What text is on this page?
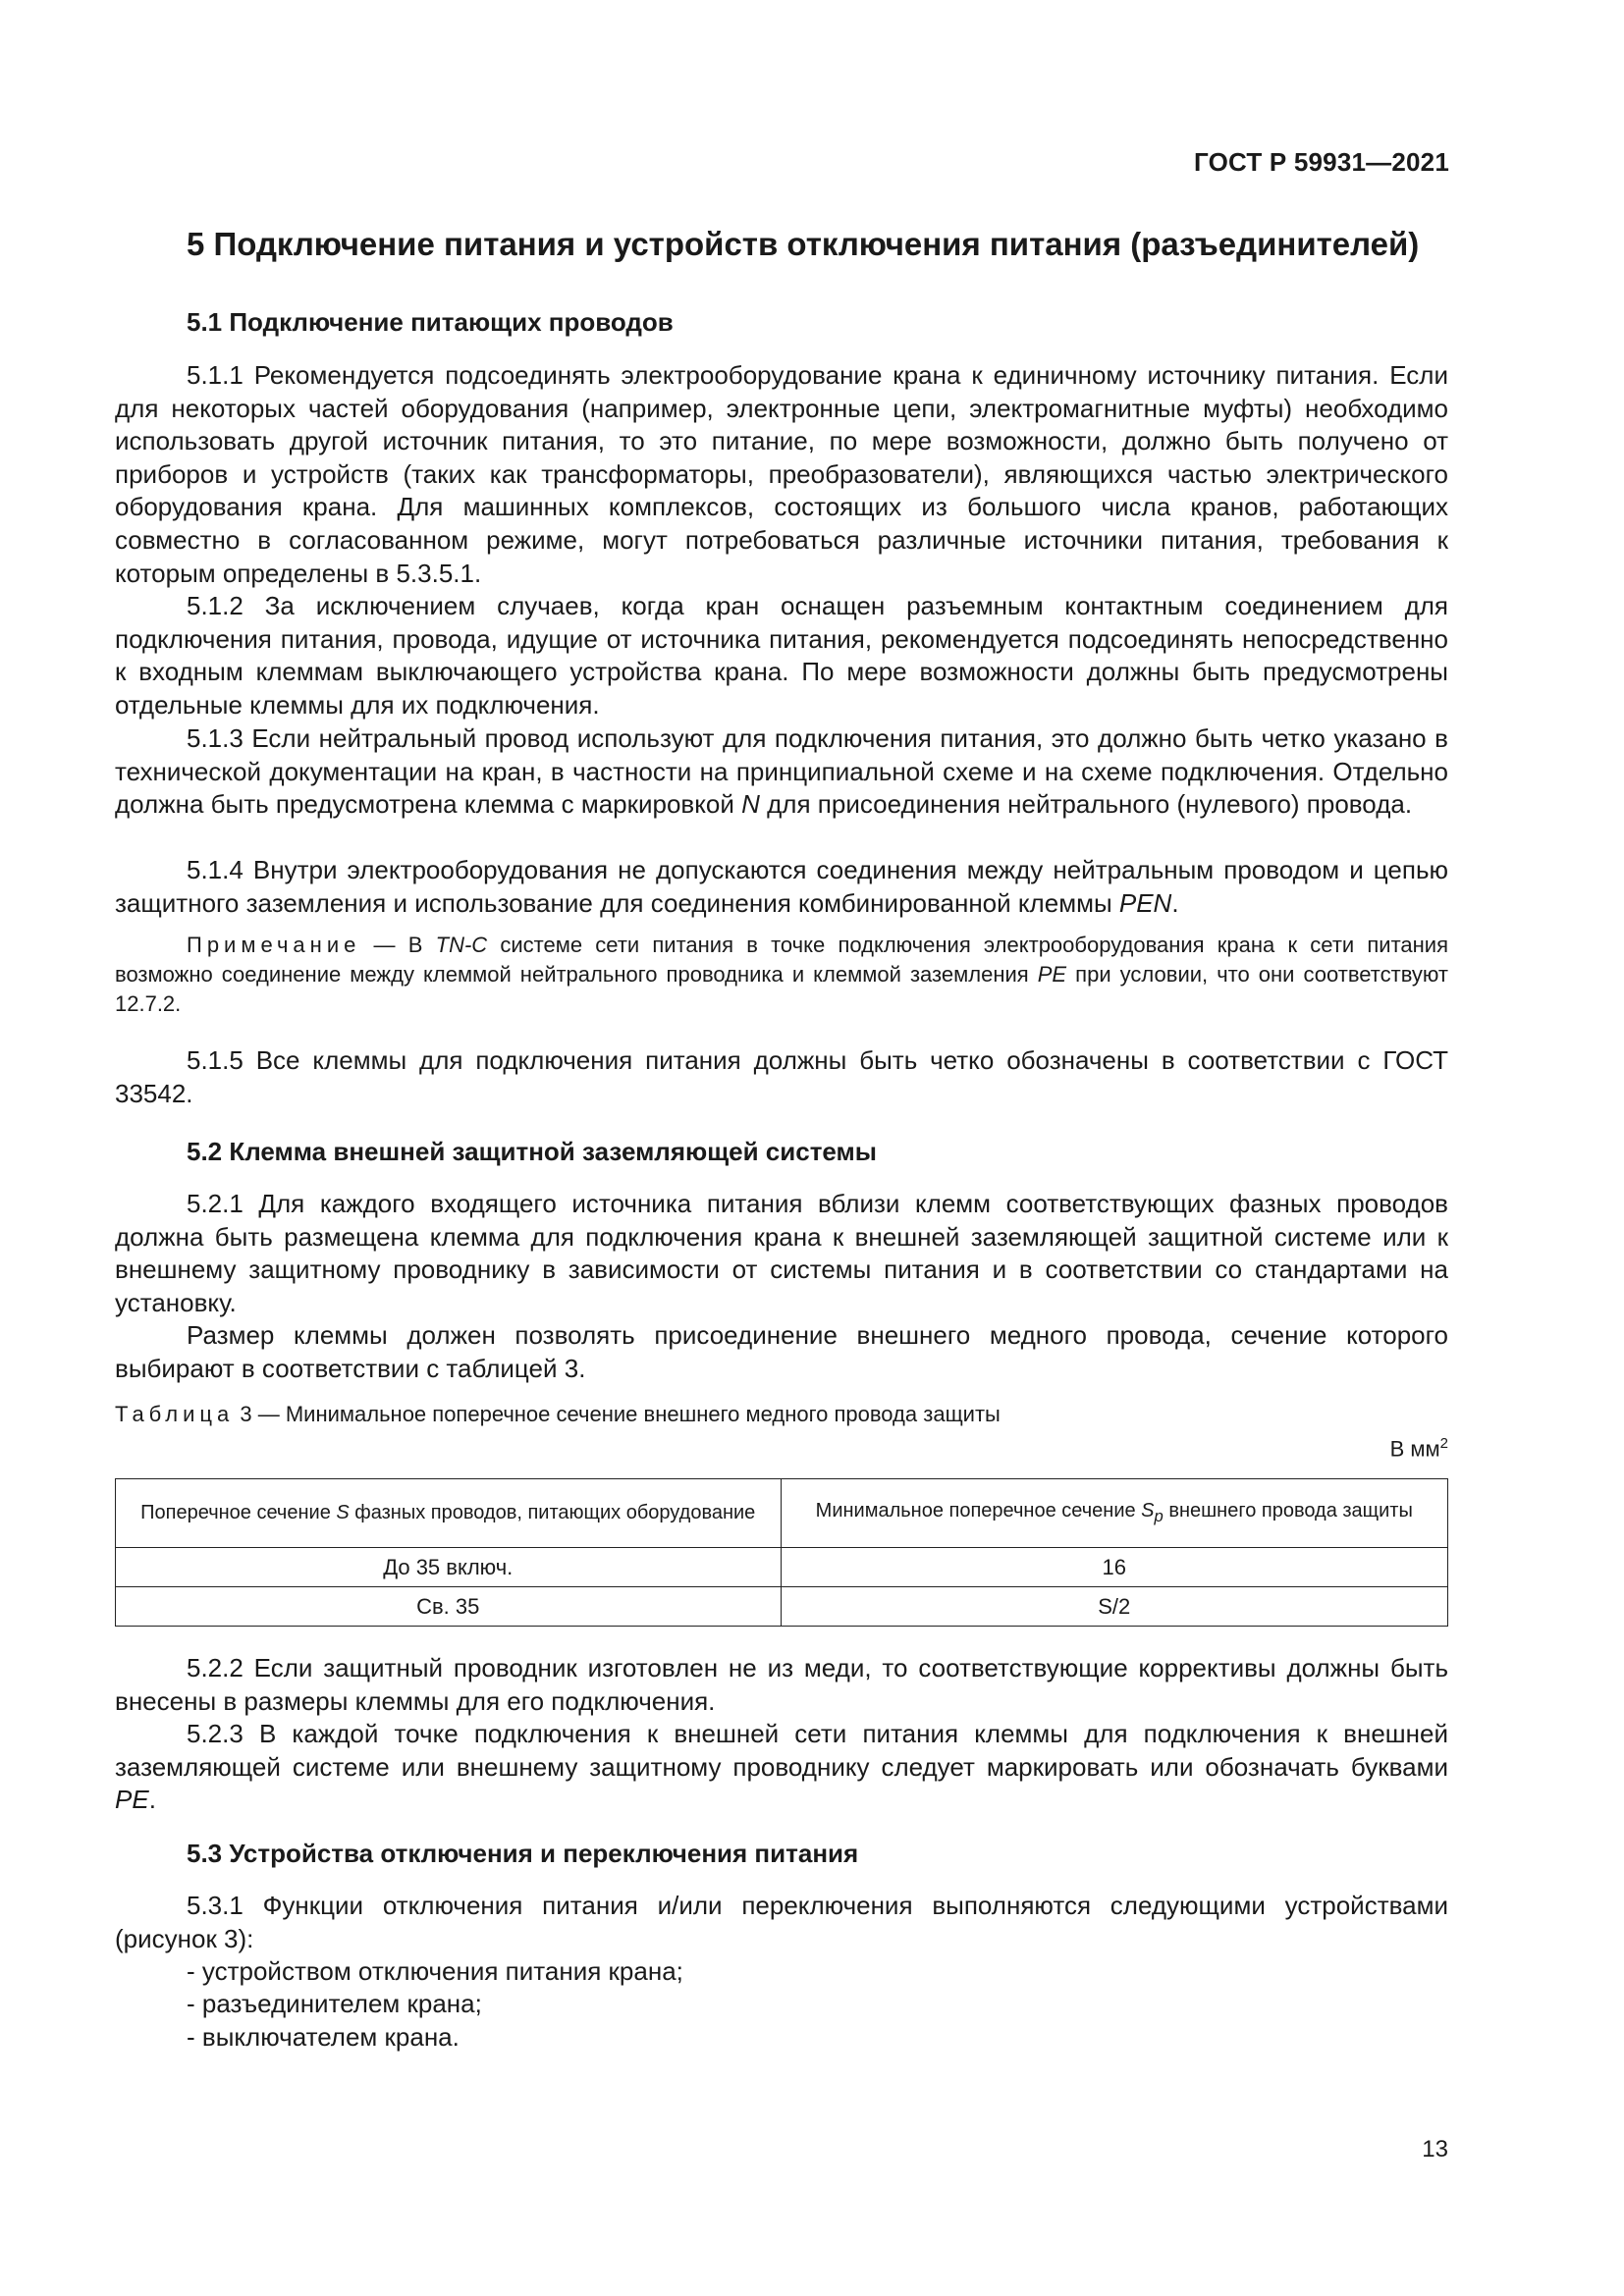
ГОСТ Р 59931—2021
5 Подключение питания и устройств отключения питания (разъединителей)
5.1 Подключение питающих проводов
5.1.1 Рекомендуется подсоединять электрооборудование крана к единичному источнику питания. Если для некоторых частей оборудования (например, электронные цепи, электромагнитные муфты) необходимо использовать другой источник питания, то это питание, по мере возможности, должно быть получено от приборов и устройств (таких как трансформаторы, преобразователи), являющихся частью электрического оборудования крана. Для машинных комплексов, состоящих из большого числа кранов, работающих совместно в согласованном режиме, могут потребоваться различные источники питания, требования к которым определены в 5.3.5.1.
5.1.2 За исключением случаев, когда кран оснащен разъемным контактным соединением для подключения питания, провода, идущие от источника питания, рекомендуется подсоединять непосредственно к входным клеммам выключающего устройства крана. По мере возможности должны быть предусмотрены отдельные клеммы для их подключения.
5.1.3 Если нейтральный провод используют для подключения питания, это должно быть четко указано в технической документации на кран, в частности на принципиальной схеме и на схеме подключения. Отдельно должна быть предусмотрена клемма с маркировкой N для присоединения нейтрального (нулевого) провода.
5.1.4 Внутри электрооборудования не допускаются соединения между нейтральным проводом и цепью защитного заземления и использование для соединения комбинированной клеммы PEN.
Примечание — В TN-C системе сети питания в точке подключения электрооборудования крана к сети питания возможно соединение между клеммой нейтрального проводника и клеммой заземления PE при условии, что они соответствуют 12.7.2.
5.1.5 Все клеммы для подключения питания должны быть четко обозначены в соответствии с ГОСТ 33542.
5.2 Клемма внешней защитной заземляющей системы
5.2.1 Для каждого входящего источника питания вблизи клемм соответствующих фазных проводов должна быть размещена клемма для подключения крана к внешней заземляющей защитной системе или к внешнему защитному проводнику в зависимости от системы питания и в соответствии со стандартами на установку.
Размер клеммы должен позволять присоединение внешнего медного провода, сечение которого выбирают в соответствии с таблицей 3.
Таблица 3 — Минимальное поперечное сечение внешнего медного провода защиты
В $мм^2$
Поперечное сечение S фазных проводов, питающих оборудование	Минимальное поперечное сечение $S_p$ внешнего провода защиты
До 35 включ.	16
Св. 35	S/2
5.2.2 Если защитный проводник изготовлен не из меди, то соответствующие коррективы должны быть внесены в размеры клеммы для его подключения.
5.2.3 В каждой точке подключения к внешней сети питания клеммы для подключения к внешней заземляющей системе или внешнему защитному проводнику следует маркировать или обозначать буквами PE.
5.3 Устройства отключения и переключения питания
5.3.1 Функции отключения питания и/или переключения выполняются следующими устройствами (рисунок 3):
- устройством отключения питания крана;
- разъединителем крана;
- выключателем крана.
13
